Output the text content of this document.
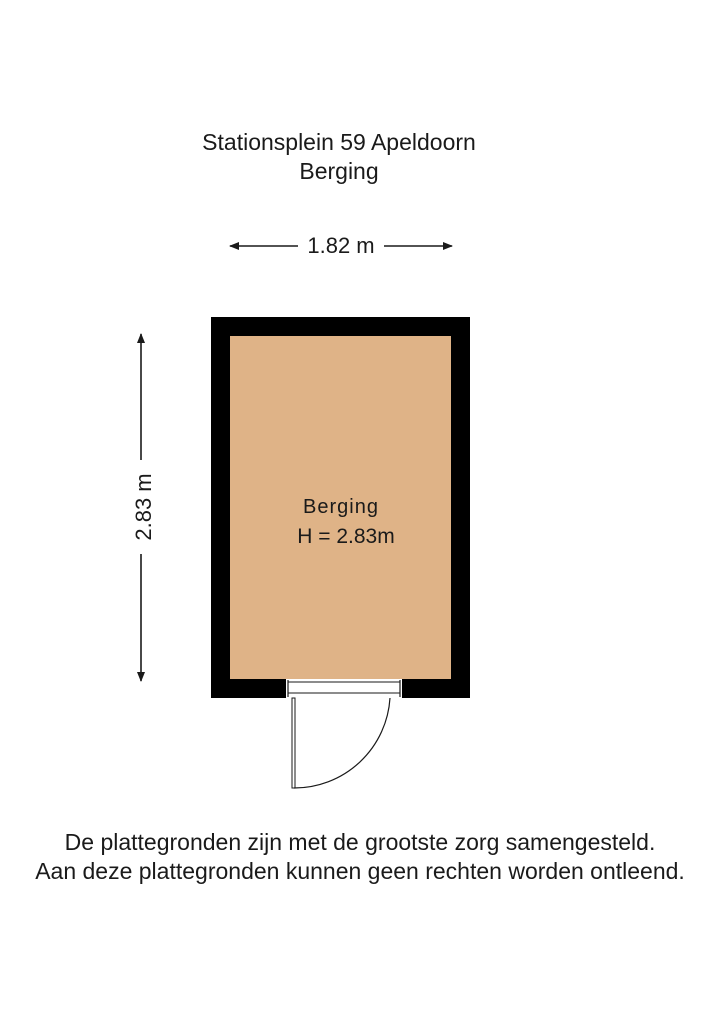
Stationsplein 59 Apeldoorn
Berging
1.82 m
2.83 m	Berging
H = 2.83m
De plattegronden zijn met de grootste zorg samengesteld.
Aan deze plattegronden kunnen geen rechten worden ontleend.
